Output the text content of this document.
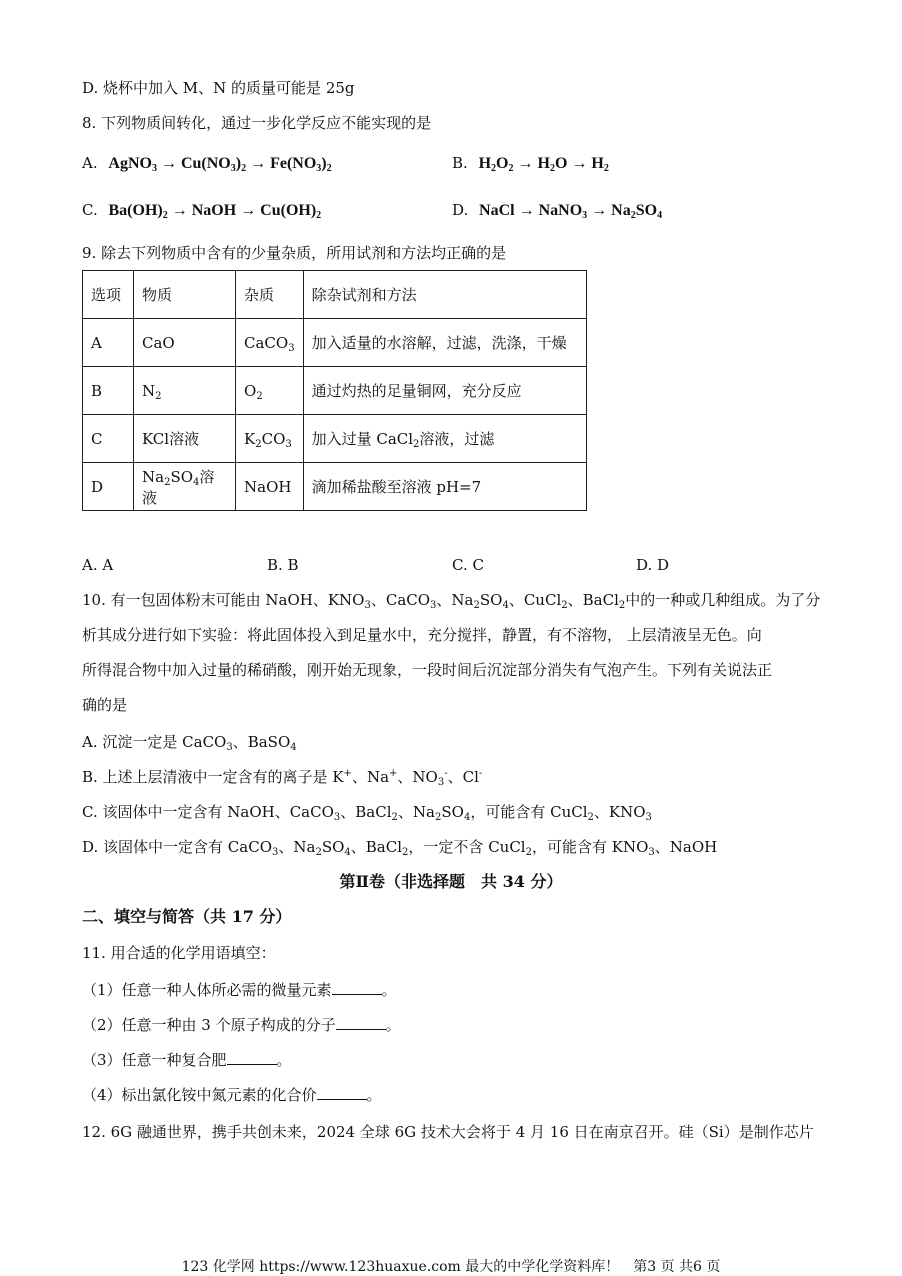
D. 烧杯中加入 M、N 的质量可能是 25g
8. 下列物质间转化，通过一步化学反应不能实现的是
A. AgNO$_3$ → $Cu(NO_3)_2 \to Fe(NO_3)_2$	B. $H_2O_2 \to H_2O \to H_2$
C. $Ba(OH)_2$ → NaOH → $Cu(OH)_2$	D. NaCl → NaNO$_3$ → $Na_2SO_4$
9. 除去下列物质中含有的少量杂质，所用试剂和方法均正确的是
选项	物质	杂质	除杂试剂和方法
A	CaO	CaCO$_3$	加入适量的水溶解，过滤，洗涤，干燥
B	$N_2$	$O_2$	通过灼热的足量铜网，充分反应
C	KCl溶液	$K_2CO_3$	加入过量 CaCl$_2$溶液，过滤
D	$Na_2SO_4$溶液	NaOH	滴加稀盐酸至溶液 pH=7
A. A	B. B	C. C	D. D
10. 有一包固体粉末可能由 NaOH、$KNO_3$、CaCO$_3$、$Na_2SO_4$、CuCl$_2$、BaCl$_2$中的一种或几种组成。为了分
析其成分进行如下实验：将此固体投入到足量水中，充分搅拌，静置，有不溶物， 上层清液呈无色。向
所得混合物中加入过量的稀硝酸，刚开始无现象，一段时间后沉淀部分消失有气泡产生。下列有关说法正
确的是
A. 沉淀一定是 CaCO$_3$、BaSO$_4$
B. 上述上层清液中一定含有的离子是 K+、Na+、$NO_3^-$、Cl-
C. 该固体中一定含有 NaOH、CaCO$_3$、BaCl$_2$、$Na_2SO_4$，可能含有 CuCl$_2$、$KNO_3$
D. 该固体中一定含有 CaCO$_3$、$Na_2SO_4$、BaCl$_2$，一定不含 CuCl$_2$，可能含有 $KNO_3$、NaOH
第Ⅱ卷（非选择题　共 34 分）
二、填空与简答（共 17 分）
11. 用合适的化学用语填空：
（1）任意一种人体所必需的微量元素	。
（2）任意一种由 3 个原子构成的分子	。
（3）任意一种复合肥	。
（4）标出氯化铵中氮元素的化合价	。
12. 6G 融通世界，携手共创未来，2024 全球 6G 技术大会将于 4 月 16 日在南京召开。硅（Si）是制作芯片
123 化学网 https://www.123huaxue.com 最大的中学化学资料库！　第3 页 共6 页
